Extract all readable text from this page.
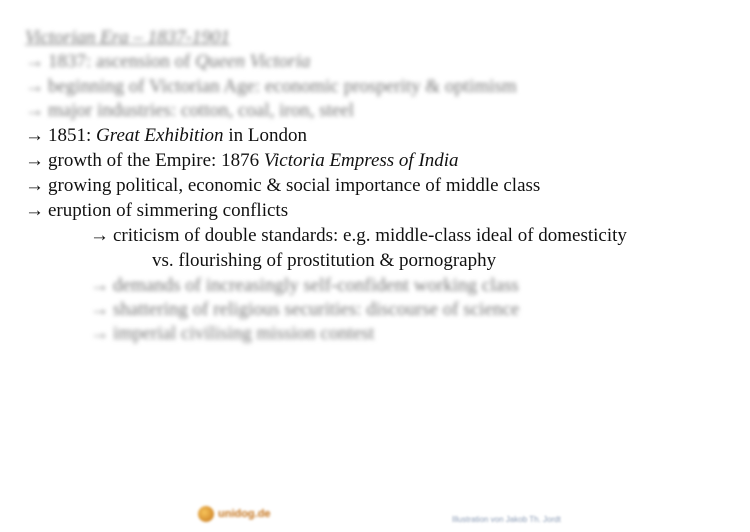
Victorian Era – 1837-1901
→ 1837: ascension of Queen Victoria
→ beginning of Victorian Age: economic prosperity & optimism
→ major industries: cotton, coal, iron, steel
→ 1851: Great Exhibition in London
→ growth of the Empire: 1876 Victoria Empress of India
→ growing political, economic & social importance of middle class
→ eruption of simmering conflicts
→ criticism of double standards: e.g. middle-class ideal of domesticity
vs. flourishing of prostitution & pornography
→ demands of increasingly self-confident working class
→ shattering of religious securities: discourse of science
→ imperial civilising mission contest
unidog.de	Illustration von Jakob Th. Jordt
